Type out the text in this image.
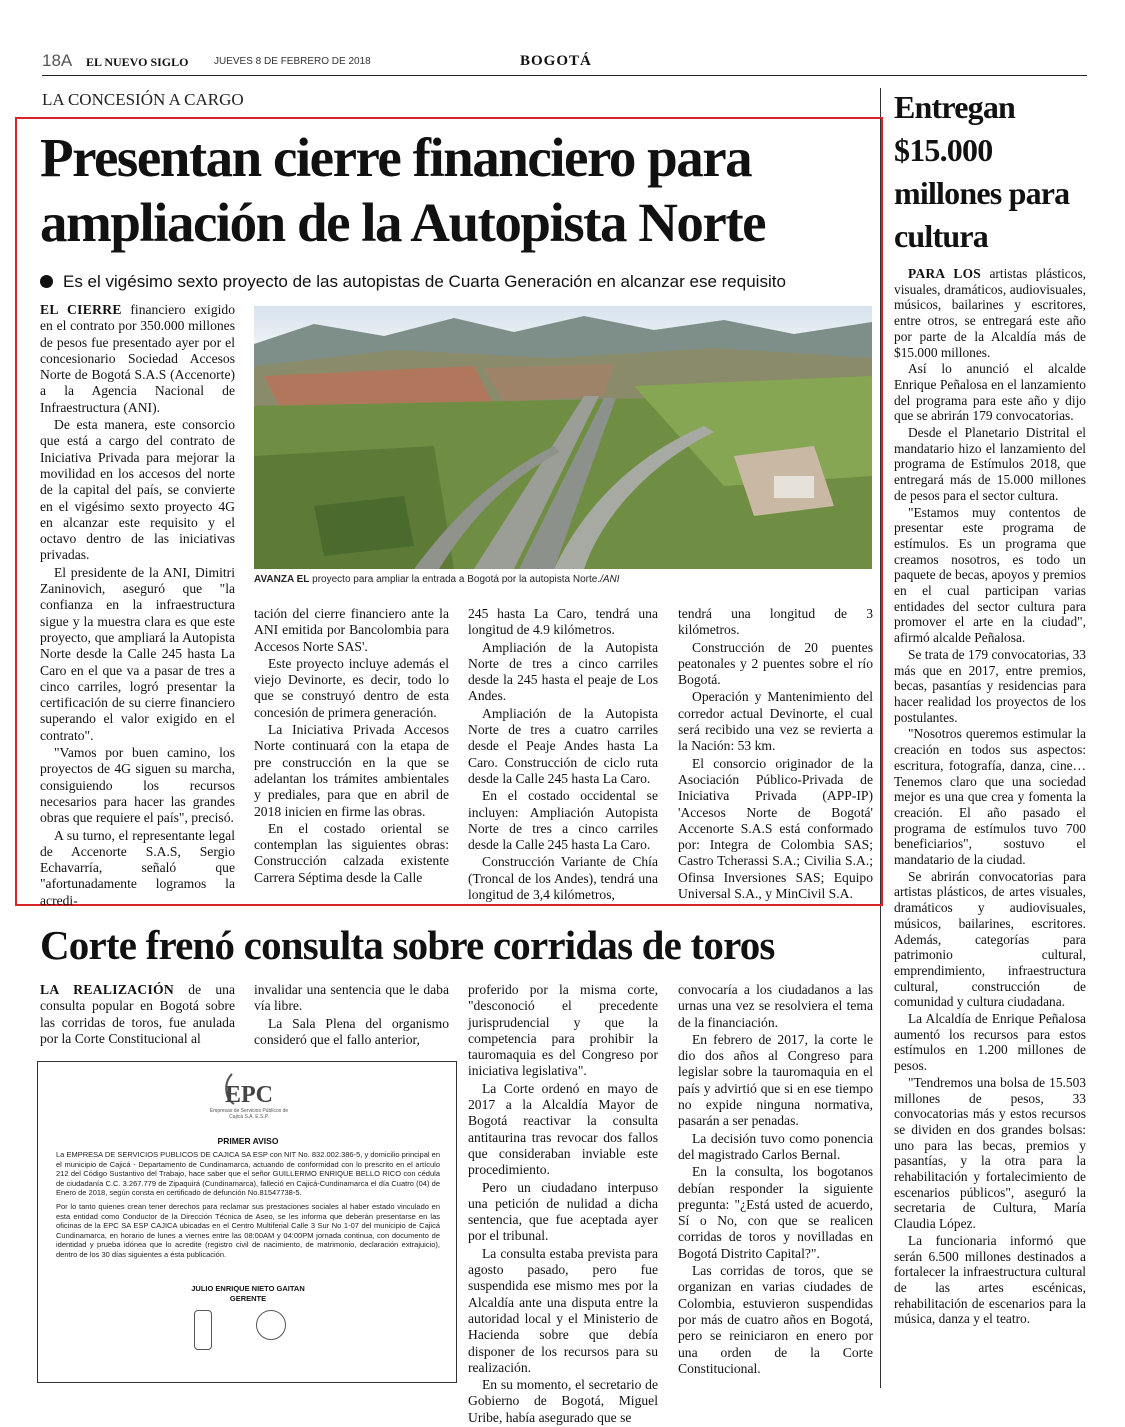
18A EL NUEVO SIGLO	JUEVES 8 DE FEBRERO DE 2018	BOGOTÁ
LA CONCESIÓN A CARGO
Presentan cierre financiero para
ampliación de la Autopista Norte
Es el vigésimo sexto proyecto de las autopistas de Cuarta Generación en alcanzar ese requisito

EL CIERRE financiero exigido en el contrato por 350.000 millones de pesos fue presentado ayer por el concesionario Sociedad Accesos Norte de Bogotá S.A.S (Accenorte) a la Agencia Nacional de Infraestructura (ANI).

De esta manera, este consorcio que está a cargo del contrato de Iniciativa Privada para mejorar la movilidad en los accesos del norte de la capital del país, se convierte en el vigésimo sexto proyecto 4G en alcanzar este requisito y el octavo dentro de las iniciativas privadas.

El presidente de la ANI, Dimitri Zaninovich, aseguró que "la confianza en la infraestructura sigue y la muestra clara es que este proyecto, que ampliará la Autopista Norte desde la Calle 245 hasta La Caro en el que va a pasar de tres a cinco carriles, logró presentar la certificación de su cierre financiero superando el valor exigido en el contrato".

"Vamos por buen camino, los proyectos de 4G siguen su marcha, consiguiendo los recursos necesarios para hacer las grandes obras que requiere el país", precisó.

A su turno, el representante legal de Accenorte S.A.S, Sergio Echavarría, señaló que "afortunadamente logramos la acredi-

AVANZA EL proyecto para ampliar la entrada a Bogotá por la autopista Norte./ANI

tación del cierre financiero ante la ANI emitida por Bancolombia para Accesos Norte SAS'.

Este proyecto incluye además el viejo Devinorte, es decir, todo lo que se construyó dentro de esta concesión de primera generación.

La Iniciativa Privada Accesos Norte continuará con la etapa de pre construcción en la que se adelantan los trámites ambientales y prediales, para que en abril de 2018 inicien en firme las obras.

En el costado oriental se contemplan las siguientes obras: Construcción calzada existente Carrera Séptima desde la Calle

245 hasta La Caro, tendrá una longitud de 4.9 kilómetros.

Ampliación de la Autopista Norte de tres a cinco carriles desde la 245 hasta el peaje de Los Andes.

Ampliación de la Autopista Norte de tres a cuatro carriles desde el Peaje Andes hasta La Caro. Construcción de ciclo ruta desde la Calle 245 hasta La Caro.

En el costado occidental se incluyen: Ampliación Autopista Norte de tres a cinco carriles desde la Calle 245 hasta La Caro.

Construcción Variante de Chía (Troncal de los Andes), tendrá una longitud de 3,4 kilómetros,

tendrá una longitud de 3 kilómetros.

Construcción de 20 puentes peatonales y 2 puentes sobre el río Bogotá.

Operación y Mantenimiento del corredor actual Devinorte, el cual será recibido una vez se revierta a la Nación: 53 km.

El consorcio originador de la Asociación Público-Privada de Iniciativa Privada (APP-IP) 'Accesos Norte de Bogotá' Accenorte S.A.S está conformado por: Integra de Colombia SAS; Castro Tcherassi S.A.; Civilia S.A.; Ofinsa Inversiones SAS; Equipo Universal S.A., y MinCivil S.A.

Corte frenó consulta sobre corridas de toros

LA REALIZACIÓN de una consulta popular en Bogotá sobre las corridas de toros, fue anulada por la Corte Constitucional al

invalidar una sentencia que le daba vía libre.

La Sala Plena del organismo consideró que el fallo anterior,

proferido por la misma corte, "desconoció el precedente jurisprudencial y que la competencia para prohibir la tauromaquia es del Congreso por iniciativa legislativa".

La Corte ordenó en mayo de 2017 a la Alcaldía Mayor de Bogotá reactivar la consulta antitaurina tras revocar dos fallos que consideraban inviable este procedimiento.

Pero un ciudadano interpuso una petición de nulidad a dicha sentencia, que fue aceptada ayer por el tribunal.

La consulta estaba prevista para agosto pasado, pero fue suspendida ese mismo mes por la Alcaldía ante una disputa entre la autoridad local y el Ministerio de Hacienda sobre que debía disponer de los recursos para su realización.

En su momento, el secretario de Gobierno de Bogotá, Miguel Uribe, había asegurado que se

convocaría a los ciudadanos a las urnas una vez se resolviera el tema de la financiación.

En febrero de 2017, la corte le dio dos años al Congreso para legislar sobre la tauromaquia en el país y advirtió que si en ese tiempo no expide ninguna normativa, pasarán a ser penadas.

La decisión tuvo como ponencia del magistrado Carlos Bernal.

En la consulta, los bogotanos debían responder la siguiente pregunta: "¿Está usted de acuerdo, Sí o No, con que se realicen corridas de toros y novilladas en Bogotá Distrito Capital?".

Las corridas de toros, que se organizan en varias ciudades de Colombia, estuvieron suspendidas por más de cuatro años en Bogotá, pero se reiniciaron en enero por una orden de la Corte Constitucional.

EPC
Empresas de Servicios Públicos de Cajicá S.A. E.S.P.
PRIMER AVISO

La EMPRESA DE SERVICIOS PUBLICOS DE CAJICA SA ESP con NIT No. 832.002.386-5, y domicilio principal en el municipio de Cajicá - Departamento de Cundinamarca, actuando de conformidad con lo prescrito en el artículo 212 del Código Sustantivo del Trabajo, hace saber que el señor GUILLERMO ENRIQUE BELLO RICO con cédula de ciudadanía C.C. 3.267.779 de Zipaquirá (Cundinamarca), falleció en Cajicá-Cundinamarca el día Cuatro (04) de Enero de 2018, según consta en certificado de defunción No.81547738-5.

Por lo tanto quienes crean tener derechos para reclamar sus prestaciones sociales al haber estado vinculado en esta entidad como Conductor de la Dirección Técnica de Aseo, se les informa que deberán presentarse en las oficinas de la EPC SA ESP CAJICA ubicadas en el Centro Multiferial Calle 3 Sur No 1-07 del municipio de Cajicá Cundinamarca, en horario de lunes a viernes entre las 08:00AM y 04:00PM jornada continua, con documento de identidad y prueba idónea que lo acredite (registro civil de nacimiento, de matrimonio, declaración extrajuicio), dentro de los 30 días siguientes a ésta publicación.

JULIO ENRIQUE NIETO GAITAN
GERENTE
Entregan $15.000 millones para cultura

PARA LOS artistas plásticos, visuales, dramáticos, audiovisuales, músicos, bailarines y escritores, entre otros, se entregará este año por parte de la Alcaldía más de $15.000 millones.

Así lo anunció el alcalde Enrique Peñalosa en el lanzamiento del programa para este año y dijo que se abrirán 179 convocatorias.

Desde el Planetario Distrital el mandatario hizo el lanzamiento del programa de Estímulos 2018, que entregará más de 15.000 millones de pesos para el sector cultura.

"Estamos muy contentos de presentar este programa de estímulos. Es un programa que creamos nosotros, es todo un paquete de becas, apoyos y premios en el cual participan varias entidades del sector cultura para promover el arte en la ciudad", afirmó alcalde Peñalosa.

Se trata de 179 convocatorias, 33 más que en 2017, entre premios, becas, pasantías y residencias para hacer realidad los proyectos de los postulantes.

"Nosotros queremos estimular la creación en todos sus aspectos: escritura, fotografía, danza, cine… Tenemos claro que una sociedad mejor es una que crea y fomenta la creación. El año pasado el programa de estímulos tuvo 700 beneficiarios", sostuvo el mandatario de la ciudad.

Se abrirán convocatorias para artistas plásticos, de artes visuales, dramáticos y audiovisuales, músicos, bailarines, escritores. Además, categorías para patrimonio cultural, emprendimiento, infraestructura cultural, construcción de comunidad y cultura ciudadana.

La Alcaldía de Enrique Peñalosa aumentó los recursos para estos estímulos en 1.200 millones de pesos.

"Tendremos una bolsa de 15.503 millones de pesos, 33 convocatorias más y estos recursos se dividen en dos grandes bolsas: uno para las becas, premios y pasantías, y la otra para la rehabilitación y fortalecimiento de escenarios públicos", aseguró la secretaria de Cultura, María Claudia López.

La funcionaria informó que serán 6.500 millones destinados a fortalecer la infraestructura cultural de las artes escénicas, rehabilitación de escenarios para la música, danza y el teatro.
